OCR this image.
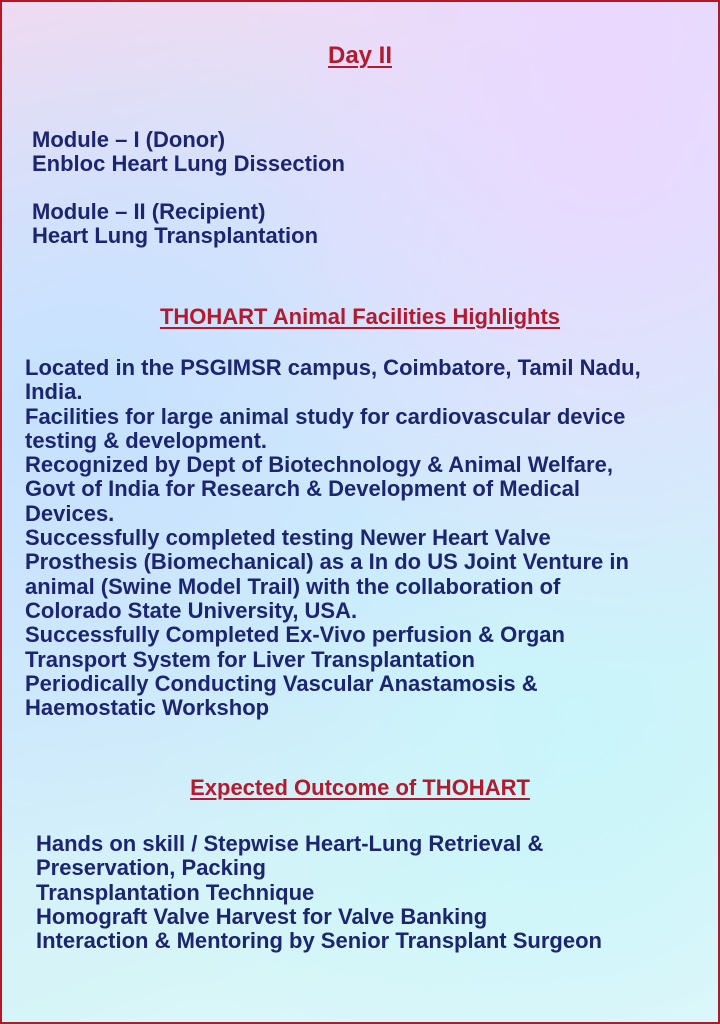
Day II
Module – I (Donor)
Enbloc Heart Lung Dissection
Module – II (Recipient)
Heart Lung Transplantation
THOHART Animal Facilities Highlights
Located in the PSGIMSR campus, Coimbatore, Tamil Nadu,
India.
Facilities for large animal study for cardiovascular device
testing & development.
Recognized by Dept of Biotechnology & Animal Welfare,
Govt of India for Research & Development of Medical
Devices.
Successfully completed testing Newer Heart Valve
Prosthesis (Biomechanical) as a In do US Joint Venture in
animal (Swine Model Trail) with the collaboration of
Colorado State University, USA.
Successfully Completed Ex-Vivo perfusion & Organ
Transport System for Liver Transplantation
Periodically Conducting Vascular Anastamosis &
Haemostatic Workshop
Expected Outcome of THOHART
Hands on skill / Stepwise Heart-Lung Retrieval &
Preservation, Packing
Transplantation Technique
Homograft Valve Harvest for Valve Banking
Interaction & Mentoring by Senior Transplant Surgeon
